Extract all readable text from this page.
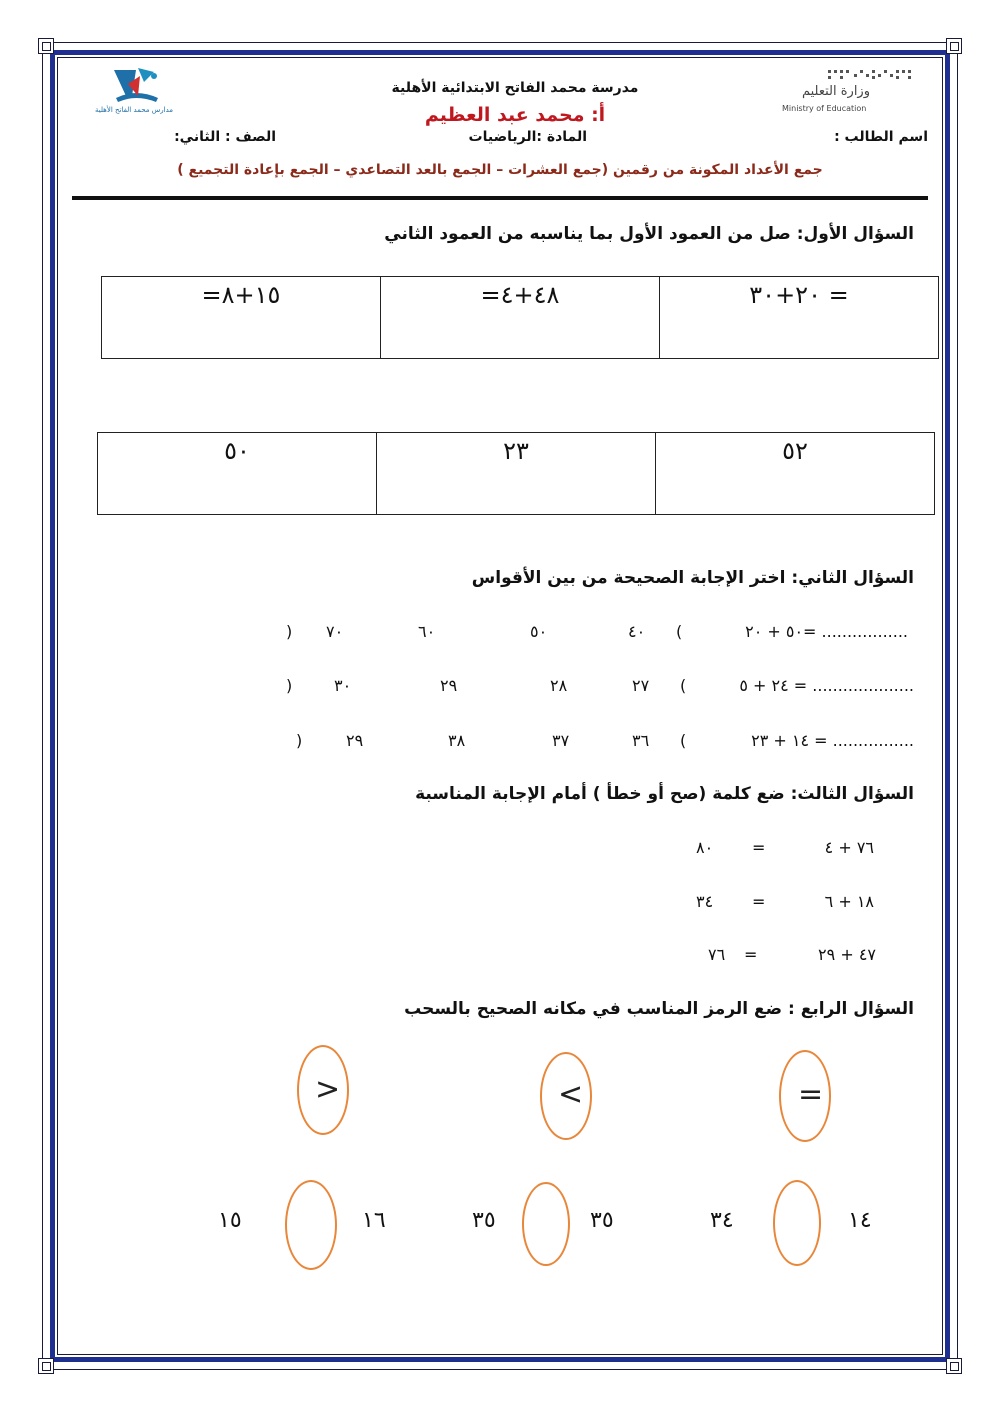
وزارة التعليم
Ministry of Education
مدارس محمد الفاتح الأهلية
مدرسة محمد الفاتح الابتدائية الأهلية
أ: محمد عبد العظيم
اسم الطالب :
المادة :الرياضيات
الصف : الثاني:
جمع الأعداد المكونة من رقمين (جمع العشرات – الجمع بالعد التصاعدي – الجمع بإعادة التجميع )
السؤال الأول: صل من العمود الأول بما يناسبه من العمود الثاني
٢٠+٣٠ =	=٤٨+٤	=١٥+٨
٥٢	٢٣	٥٠
السؤال الثاني: اختر الإجابة الصحيحة من بين الأقواس
٥٠ + ٢٠= .................
(
٤٠
٥٠
٦٠
٧٠
)
٢٤ + ٥ = ....................
(
٢٧
٢٨
٢٩
٣٠
)
١٤ + ٢٣ = ................
(
٣٦
٣٧
٣٨
٢٩
)
السؤال الثالث: ضع كلمة (صح أو خطأ ) أمام الإجابة المناسبة
٧٦ + ٤
=
٨٠
١٨ + ٦
=
٣٤
٤٧ + ٢٩
=
٧٦
السؤال الرابع : ضع الرمز المناسب في مكانه الصحيح بالسحب
=
<
>
١٤
٣٤
٣٥
٣٥
١٦
١٥
